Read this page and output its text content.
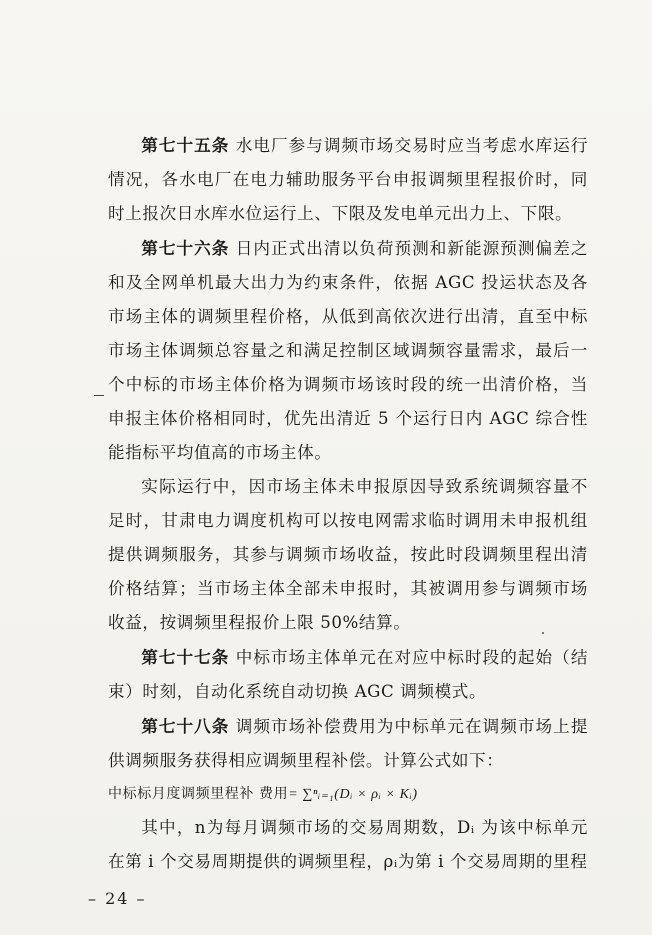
第七十五条 水电厂参与调频市场交易时应当考虑水库运行情况，各水电厂在电力辅助服务平台申报调频里程报价时，同时上报次日水库水位运行上、下限及发电单元出力上、下限。

第七十六条 日内正式出清以负荷预测和新能源预测偏差之和及全网单机最大出力为约束条件，依据 AGC 投运状态及各市场主体的调频里程价格，从低到高依次进行出清，直至中标市场主体调频总容量之和满足控制区域调频容量需求，最后一个中标的市场主体价格为调频市场该时段的统一出清价格，当申报主体价格相同时，优先出清近 5 个运行日内 AGC 综合性能指标平均值高的市场主体。

实际运行中，因市场主体未申报原因导致系统调频容量不足时，甘肃电力调度机构可以按电网需求临时调用未申报机组提供调频服务，其参与调频市场收益，按此时段调频里程出清价格结算；当市场主体全部未申报时，其被调用参与调频市场收益，按调频里程报价上限 50%结算。

第七十七条 中标市场主体单元在对应中标时段的起始（结束）时刻，自动化系统自动切换 AGC 调频模式。

第七十八条 调频市场补偿费用为中标单元在调频市场上提供调频服务获得相应调频里程补偿。计算公式如下：

中标标月度调频里程补 费用= ∑ⁿᵢ₌₁(Dᵢ × ρᵢ × Kᵢ)

其中，n为每月调频市场的交易周期数，Dᵢ 为该中标单元在第 i 个交易周期提供的调频里程，ρᵢ为第 i 个交易周期的里程

– 24 –
